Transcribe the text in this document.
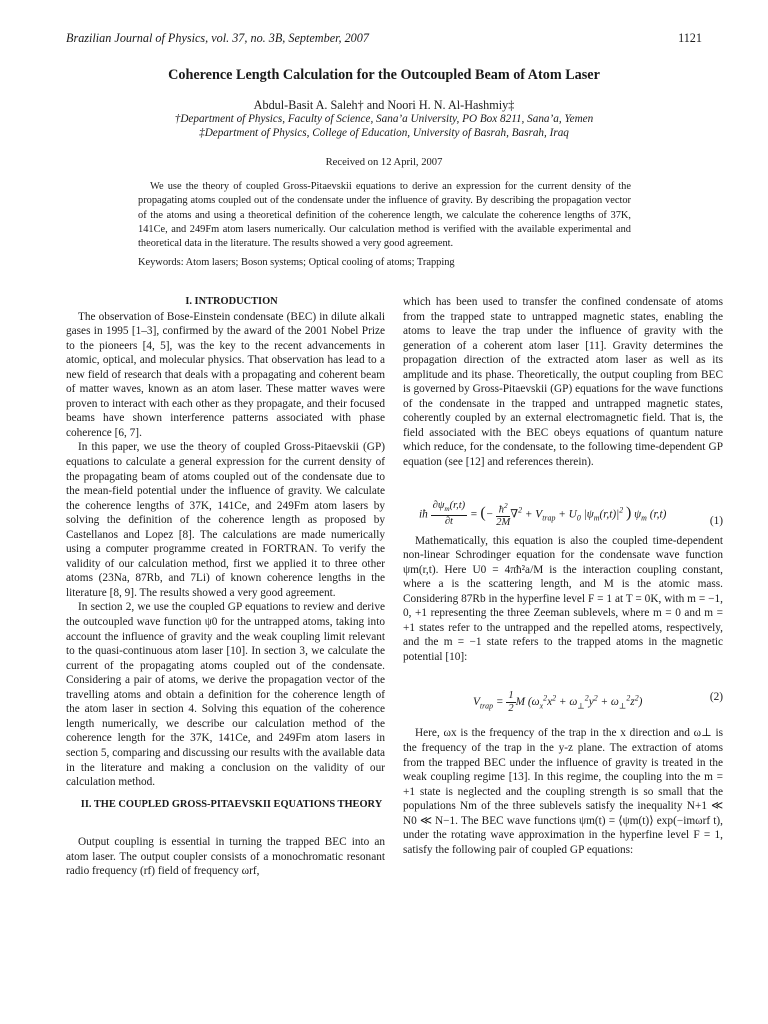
Brazilian Journal of Physics, vol. 37, no. 3B, September, 2007	1121
Coherence Length Calculation for the Outcoupled Beam of Atom Laser
Abdul-Basit A. Saleh† and Noori H. N. Al-Hashmiy‡
†Department of Physics, Faculty of Science, Sana’a University, PO Box 8211, Sana’a, Yemen
‡Department of Physics, College of Education, University of Basrah, Basrah, Iraq
Received on 12 April, 2007

We use the theory of coupled Gross-Pitaevskii equations to derive an expression for the current density of the propagating atoms coupled out of the condensate under the influence of gravity. By describing the propagation vector of the atoms and using a theoretical definition of the coherence length, we calculate the coherence lengths of 37K, 141Ce, and 249Fm atom lasers numerically. Our calculation method is verified with the available experimental and theoretical data in the literature. The results showed a very good agreement.

Keywords: Atom lasers; Boson systems; Optical cooling of atoms; Trapping

I. INTRODUCTION

The observation of Bose-Einstein condensate (BEC) in dilute alkali gases in 1995 [1–3], confirmed by the award of the 2001 Nobel Prize to the pioneers [4, 5], was the key to the recent advancements in atomic, optical, and molecular physics. That observation has lead to a new field of research that deals with a propagating and coherent beam of matter waves, known as an atom laser. These matter waves were proven to interact with each other as they propagate, and their focused beams have shown interference patterns associated with phase coherence [6, 7].

In this paper, we use the theory of coupled Gross-Pitaevskii (GP) equations to calculate a general expression for the current density of the propagating beam of atoms coupled out of the condensate due to the mean-field potential under the influence of gravity. We calculate the coherence lengths of 37K, 141Ce, and 249Fm atom lasers by solving the definition of the coherence length as proposed by Castellanos and Lopez [8]. The calculations are made numerically using a computer programme created in FORTRAN. To verify the validity of our calculation method, first we applied it to three other atoms (23Na, 87Rb, and 7Li) of known coherence lengths in the literature [8, 9]. The results showed a very good agreement.

In section 2, we use the coupled GP equations to review and derive the outcoupled wave function ψ0 for the untrapped atoms, taking into account the influence of gravity and the weak coupling limit relevant to the quasi-continuous atom laser [10]. In section 3, we calculate the current of the propagating atoms coupled out of the condensate. Considering a pair of atoms, we derive the propagation vector of the travelling atoms and obtain a definition for the coherence length of the atom laser in section 4. Solving this equation of the coherence length numerically, we describe our calculation method of the coherence length for the 37K, 141Ce, and 249Fm atom lasers in section 5, comparing and discussing our results with the available data in the literature and making a conclusion on the validity of our calculation method.

II. THE COUPLED GROSS-PITAEVSKII EQUATIONS THEORY

Output coupling is essential in turning the trapped BEC into an atom laser. The output coupler consists of a monochromatic resonant radio frequency (rf) field of frequency ωrf,

which has been used to transfer the confined condensate of atoms from the trapped state to untrapped magnetic states, enabling the atoms to leave the trap under the influence of gravity with the generation of a coherent atom laser [11]. Gravity determines the propagation direction of the extracted atom laser as well as its amplitude and its phase. Theoretically, the output coupling from BEC is governed by Gross-Pitaevskii (GP) equations for the wave functions of the condensate in the trapped and untrapped magnetic states, coherently coupled by an external electromagnetic field. That is, the field associated with the BEC obeys equations of quantum nature which reduce, for the condensate, to the following time-dependent GP equation (see [12] and references therein).

iħ $\frac{\partial\psi_m(r,t)}{\partial t}$ = (− $\frac{ħ^2}{2M} \nabla^2 + V_{trap} + U_0$ $|\psi_m(r,t)|^2$ ) $\psi_m$ (r,t)
(1)

Mathematically, this equation is also the coupled time-dependent non-linear Schrodinger equation for the condensate wave function ψm(r,t). Here U0 = 4πħ²a/M is the interaction coupling constant, where a is the scattering length, and M is the atomic mass. Considering 87Rb in the hyperfine level F = 1 at T = 0K, with m = −1, 0, +1 representing the three Zeeman sublevels, where m = 0 and m = +1 states refer to the untrapped and the repelled atoms, respectively, and the m = −1 state refers to the trapped atoms in the magnetic potential [10]:

$V_{trap} = \frac{1}{2}$ M $(\omega_x^2x^2 + \omega_\perp^2y^2 + \omega_\perp^2z^2)$	(2)

Here, ωx is the frequency of the trap in the x direction and ω⊥ is the frequency of the trap in the y-z plane. The extraction of atoms from the trapped BEC under the influence of gravity is treated in the weak coupling regime [13]. In this regime, the coupling into the m = +1 state is neglected and the coupling strength is so small that the populations Nm of the three sublevels satisfy the inequality N+1 ≪ N0 ≪ N−1. The BEC wave functions ψm(t) = ⟨ψm(t)⟩ exp(−imωrf t), under the rotating wave approximation in the hyperfine level F = 1, satisfy the following pair of coupled GP equations:
